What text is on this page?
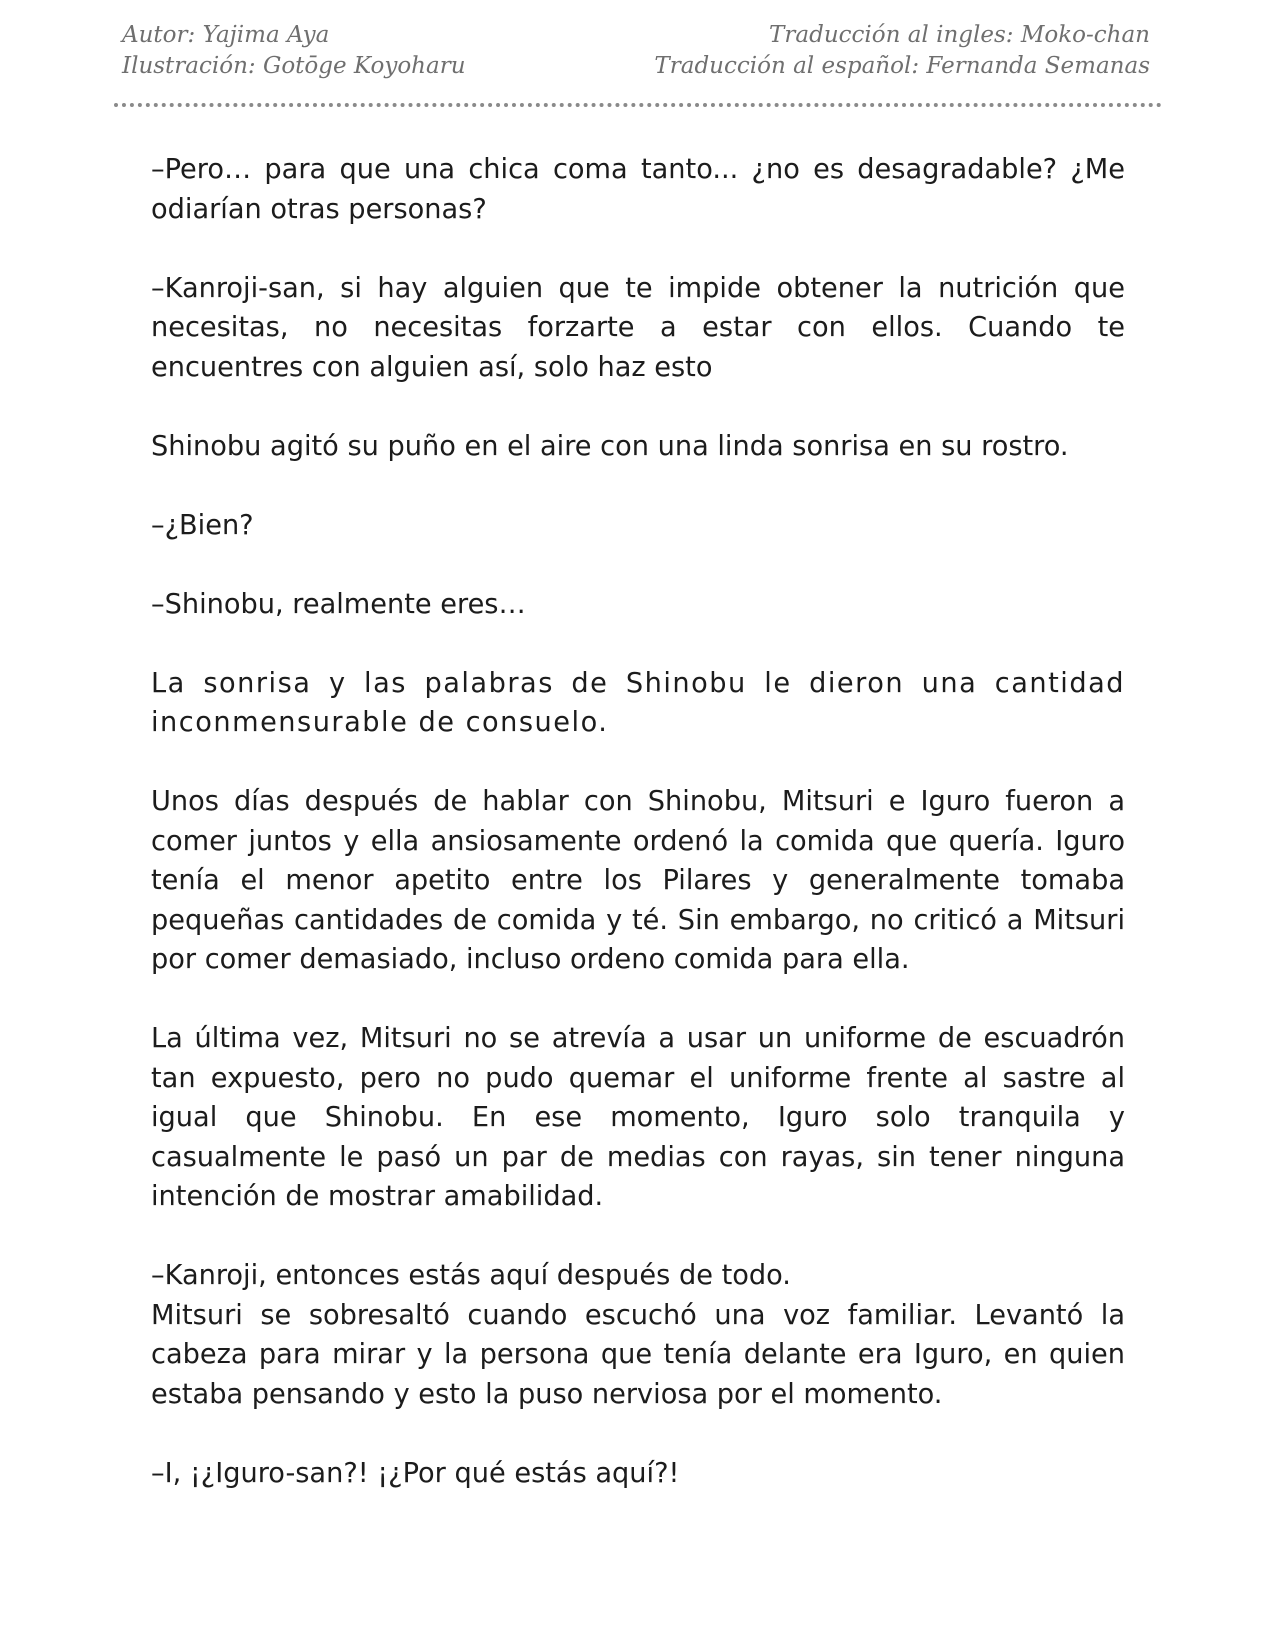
Autor: Yajima Aya
Ilustración: Gotōge Koyoharu
Traducción al ingles: Moko-chan
Traducción al español: Fernanda Semanas

–Pero… para que una chica coma tanto... ¿no es desagradable? ¿Me odiarían otras personas?

–Kanroji-san, si hay alguien que te impide obtener la nutrición que necesitas, no necesitas forzarte a estar con ellos. Cuando te encuentres con alguien así, solo haz esto

Shinobu agitó su puño en el aire con una linda sonrisa en su rostro.

–¿Bien?

–Shinobu, realmente eres…

La sonrisa y las palabras de Shinobu le dieron una cantidad inconmensurable de consuelo.

Unos días después de hablar con Shinobu, Mitsuri e Iguro fueron a comer juntos y ella ansiosamente ordenó la comida que quería. Iguro tenía el menor apetito entre los Pilares y generalmente tomaba pequeñas cantidades de comida y té. Sin embargo, no criticó a Mitsuri por comer demasiado, incluso ordeno comida para ella.

La última vez, Mitsuri no se atrevía a usar un uniforme de escuadrón tan expuesto, pero no pudo quemar el uniforme frente al sastre al igual que Shinobu. En ese momento, Iguro solo tranquila y casualmente le pasó un par de medias con rayas, sin tener ninguna intención de mostrar amabilidad.

–Kanroji, entonces estás aquí después de todo.

Mitsuri se sobresaltó cuando escuchó una voz familiar. Levantó la cabeza para mirar y la persona que tenía delante era Iguro, en quien estaba pensando y esto la puso nerviosa por el momento.

–I, ¡¿Iguro-san?! ¡¿Por qué estás aquí?!
